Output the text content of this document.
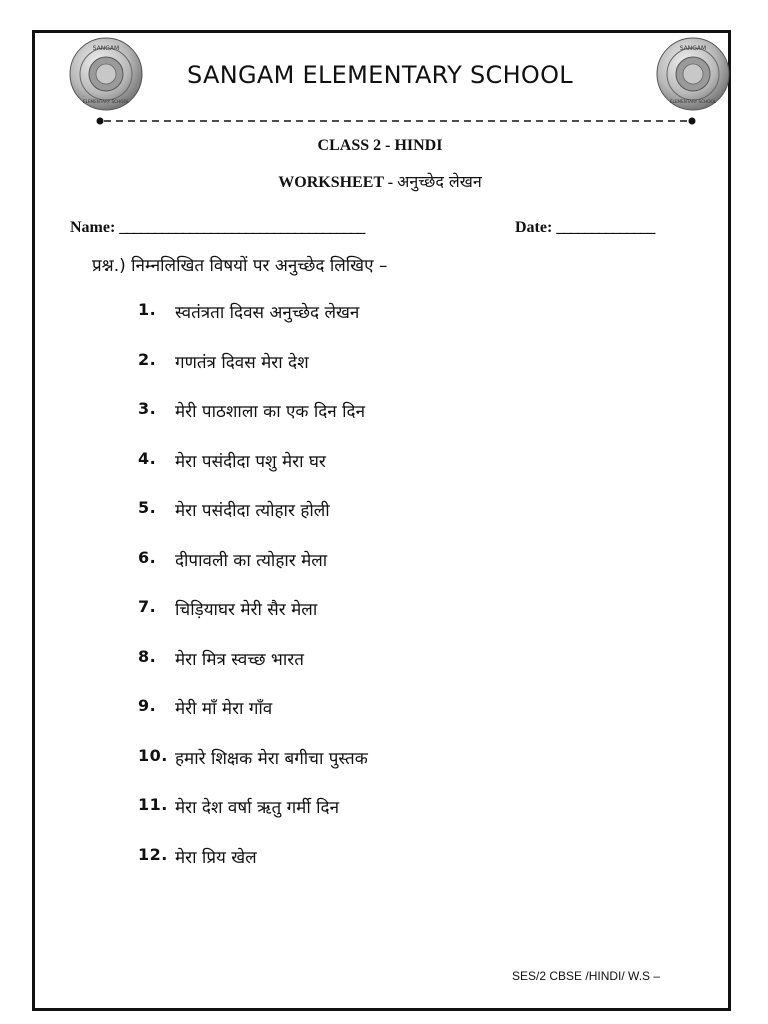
SANGAM
ELEMENTARY SCHOOL
SANGAM
ELEMENTARY SCHOOL
SANGAM ELEMENTARY SCHOOL
CLASS 2 - HINDI
WORKSHEET - अनुच्छेद लेखन
Name: ___________________________________	Date: ______________
प्रश्न.) निम्नलिखित विषयों पर अनुच्छेद लिखिए –
1.	स्वतंत्रता दिवस अनुच्छेद लेखन
2.	गणतंत्र दिवस मेरा देश
3.	मेरी पाठशाला का एक दिन दिन
4.	मेरा पसंदीदा पशु मेरा घर
5.	मेरा पसंदीदा त्योहार होली
6.	दीपावली का त्योहार मेला
7.	चिड़ियाघर मेरी सैर मेला
8.	मेरा मित्र स्वच्छ भारत
9.	मेरी माँ मेरा गाँव
10. हमारे शिक्षक मेरा बगीचा पुस्तक
11. मेरा देश वर्षा ऋतु गर्मी दिन
12. मेरा प्रिय खेल
SES/2 CBSE /HINDI/ W.S –
